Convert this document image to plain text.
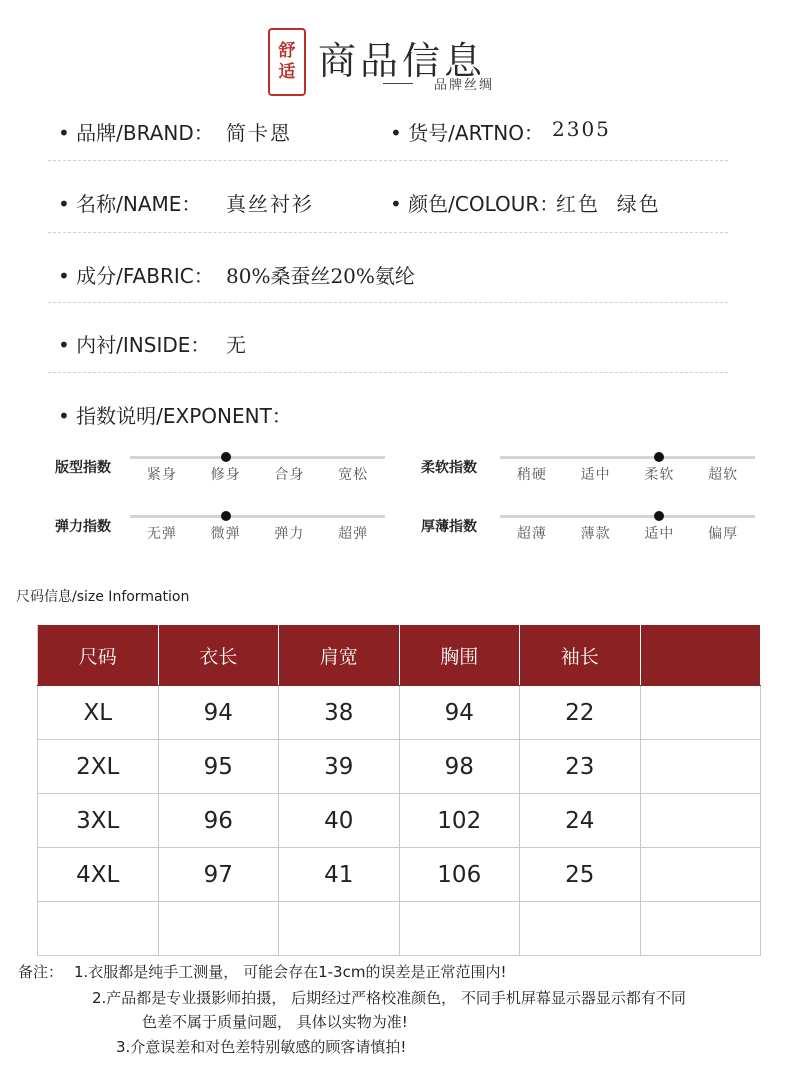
舒
适 商品信息
品牌丝绸
• 品牌/BRAND： 简卡恩	• 货号/ARTNO： 2305
• 名称/NAME： 真丝衬衫	• 颜色/COLOUR：
红色  绿色
• 成分/FABRIC： 80%桑蚕丝20%氨纶
• 内衬/INSIDE： 无
• 指数说明/EXPONENT：
版型指数	紧身 修身 合身 宽松	柔软指数	稍硬 适中 柔软 超软
弹力指数	无弹 微弹 弹力 超弹	厚薄指数	超薄 薄款 适中 偏厚
尺码信息/size Information
尺码	衣长	肩宽	胸围	袖长	
XL	94	38	94	22	
2XL	95	39	98	23	
3XL	96	40	102	24	
4XL	97	41	106	25	

备注： 1.衣服都是纯手工测量， 可能会存在1-3cm的误差是正常范围内!
2.产品都是专业摄影师拍摄， 后期经过严格校准颜色， 不同手机屏幕显示器显示都有不同
色差不属于质量问题， 具体以实物为准!
3.介意误差和对色差特别敏感的顾客请慎拍!
